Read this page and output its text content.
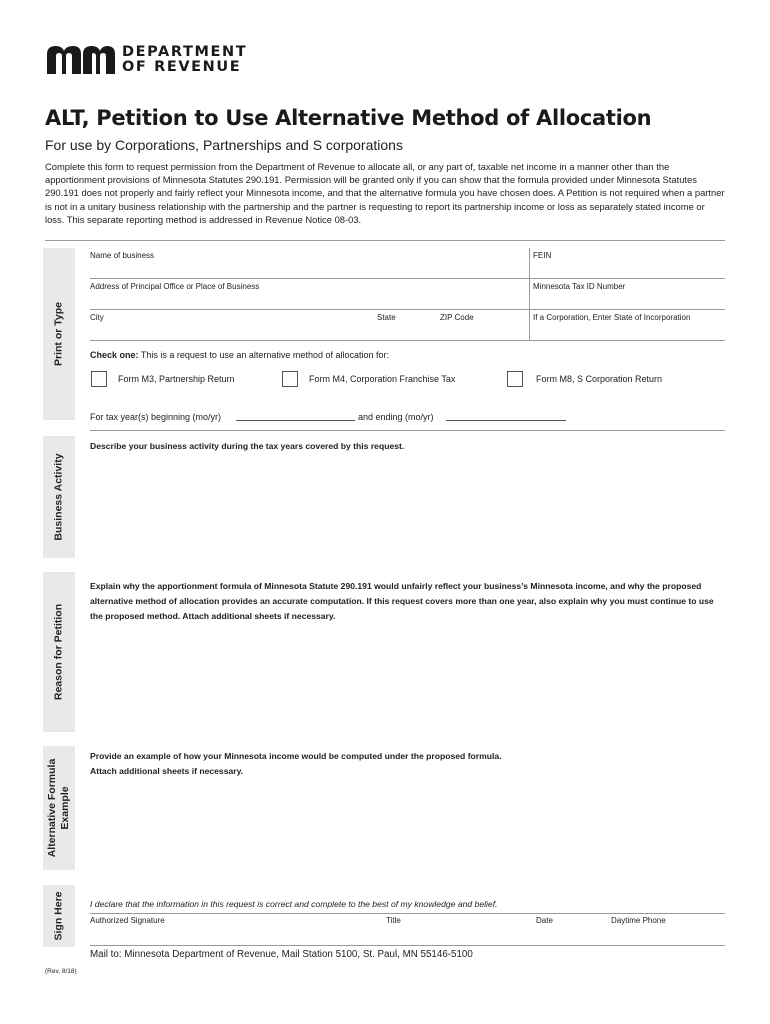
DEPARTMENT
OF REVENUE
ALT, Petition to Use Alternative Method of Allocation
For use by Corporations, Partnerships and S corporations
Complete this form to request permission from the Department of Revenue to allocate all, or any part of, taxable net income in a manner other than the apportionment provisions of Minnesota Statutes 290.191. Permission will be granted only if you can show that the formula provided under Minnesota Statutes 290.191 does not properly and fairly reflect your Minnesota income, and that the alternative formula you have chosen does. A Petition is not required when a partner is not in a unitary business relationship with the partnership and the partner is requesting to report its partnership income or loss as separately stated income or loss. This separate reporting method is addressed in Revenue Notice 08-03.
Print or Type
Name of business	FEIN
Address of Principal Office or Place of Business	Minnesota Tax ID Number
City	State	ZIP Code	If a Corporation, Enter State of Incorporation
Check one: This is a request to use an alternative method of allocation for:
Form M3, Partnership Return	Form M4, Corporation Franchise Tax	Form M8, S Corporation Return
For tax year(s) beginning (mo/yr)	and ending (mo/yr)
Business Activity
Describe your business activity during the tax years covered by this request.
Reason for Petition
Explain why the apportionment formula of Minnesota Statute 290.191 would unfairly reflect your business’s Minnesota income, and why the proposed alternative method of allocation provides an accurate computation. If this request covers more than one year, also explain why you must continue to use the proposed method. Attach additional sheets if necessary.
Alternative Formula Example
Provide an example of how your Minnesota income would be computed under the proposed formula.
Attach additional sheets if necessary.
Sign Here	I declare that the information in this request is correct and complete to the best of my knowledge and belief.
Authorized Signature	Title	Date	Daytime Phone
Mail to: Minnesota Department of Revenue, Mail Station 5100, St. Paul, MN 55146-5100
(Rev. 8/18)
